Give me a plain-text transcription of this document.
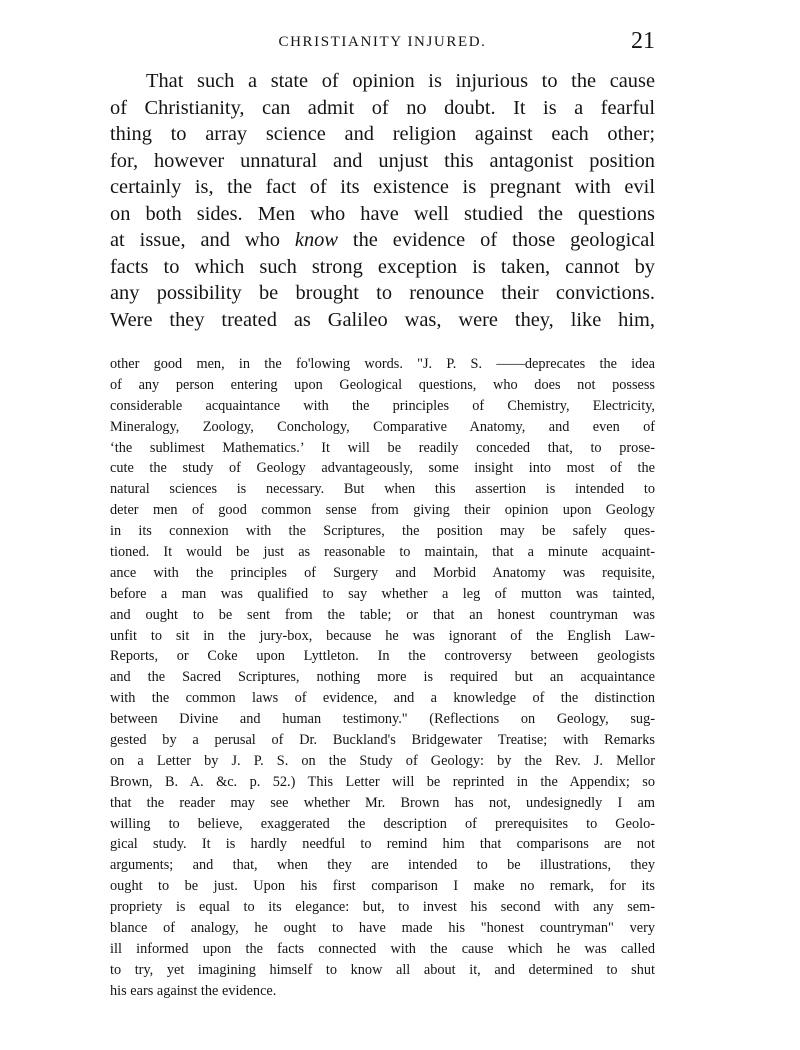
CHRISTIANITY INJURED.	21
That such a state of opinion is injurious to the cause
of Christianity, can admit of no doubt. It is a fearful
thing to array science and religion against each other;
for, however unnatural and unjust this antagonist position
certainly is, the fact of its existence is pregnant with evil
on both sides. Men who have well studied the questions
at issue, and who know the evidence of those geological
facts to which such strong exception is taken, cannot by
any possibility be brought to renounce their convictions.
Were they treated as Galileo was, were they, like him,
other good men, in the fo'lowing words. "J. P. S. ——deprecates the idea
of any person entering upon Geological questions, who does not possess
considerable acquaintance with the principles of Chemistry, Electricity,
Mineralogy, Zoology, Conchology, Comparative Anatomy, and even of
‘the sublimest Mathematics.’ It will be readily conceded that, to prose-
cute the study of Geology advantageously, some insight into most of the
natural sciences is necessary. But when this assertion is intended to
deter men of good common sense from giving their opinion upon Geology
in its connexion with the Scriptures, the position may be safely ques-
tioned. It would be just as reasonable to maintain, that a minute acquaint-
ance with the principles of Surgery and Morbid Anatomy was requisite,
before a man was qualified to say whether a leg of mutton was tainted,
and ought to be sent from the table; or that an honest countryman was
unfit to sit in the jury-box, because he was ignorant of the English Law-
Reports, or Coke upon Lyttleton. In the controversy between geologists
and the Sacred Scriptures, nothing more is required but an acquaintance
with the common laws of evidence, and a knowledge of the distinction
between Divine and human testimony." (Reflections on Geology, sug-
gested by a perusal of Dr. Buckland's Bridgewater Treatise; with Remarks
on a Letter by J. P. S. on the Study of Geology: by the Rev. J. Mellor
Brown, B. A. &c. p. 52.) This Letter will be reprinted in the Appendix; so
that the reader may see whether Mr. Brown has not, undesignedly I am
willing to believe, exaggerated the description of prerequisites to Geolo-
gical study. It is hardly needful to remind him that comparisons are not
arguments; and that, when they are intended to be illustrations, they
ought to be just. Upon his first comparison I make no remark, for its
propriety is equal to its elegance: but, to invest his second with any sem-
blance of analogy, he ought to have made his "honest countryman" very
ill informed upon the facts connected with the cause which he was called
to try, yet imagining himself to know all about it, and determined to shut
his ears against the evidence.
